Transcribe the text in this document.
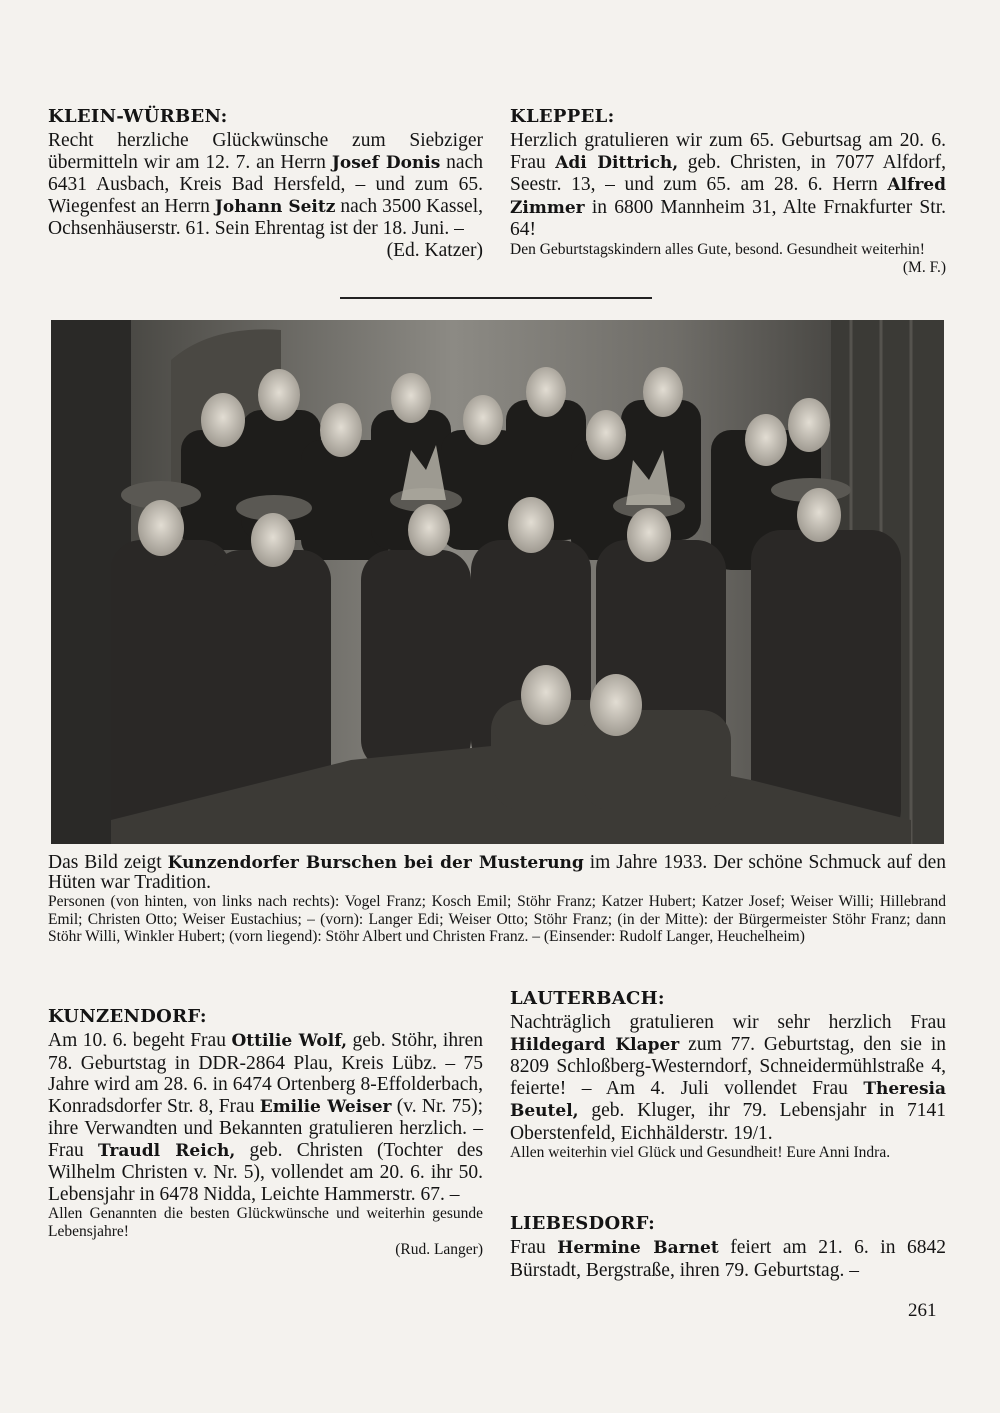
KLEIN-WÜRBEN:

Recht herzliche Glückwünsche zum Siebziger übermitteln wir am 12. 7. an Herrn Josef Donis nach 6431 Ausbach, Kreis Bad Hersfeld, – und zum 65. Wiegenfest an Herrn Johann Seitz nach 3500 Kassel, Ochsenhäuserstr. 61. Sein Ehrentag ist der 18. Juni. –

(Ed. Katzer)

KLEPPEL:

Herzlich gratulieren wir zum 65. Geburtsag am 20. 6. Frau Adi Dittrich, geb. Christen, in 7077 Alfdorf, Seestr. 13, – und zum 65. am 28. 6. Herrn Alfred Zimmer in 6800 Mannheim 31, Alte Frnakfurter Str. 64!

Den Geburtstagskindern alles Gute, besond. Gesundheit weiterhin!

(M. F.)

Das Bild zeigt Kunzendorfer Burschen bei der Musterung im Jahre 1933. Der schöne Schmuck auf den Hüten war Tradition.

Personen (von hinten, von links nach rechts): Vogel Franz; Kosch Emil; Stöhr Franz; Katzer Hubert; Katzer Josef; Weiser Willi; Hillebrand Emil; Christen Otto; Weiser Eustachius; – (vorn): Langer Edi; Weiser Otto; Stöhr Franz; (in der Mitte): der Bürgermeister Stöhr Franz; dann Stöhr Willi, Winkler Hubert; (vorn liegend): Stöhr Albert und Christen Franz. – (Einsender: Rudolf Langer, Heuchelheim)

KUNZENDORF:

Am 10. 6. begeht Frau Ottilie Wolf, geb. Stöhr, ihren 78. Geburtstag in DDR-2864 Plau, Kreis Lübz. – 75 Jahre wird am 28. 6. in 6474 Ortenberg 8-Effolderbach, Konradsdorfer Str. 8, Frau Emilie Weiser (v. Nr. 75); ihre Verwandten und Bekannten gratulieren herzlich. – Frau Traudl Reich, geb. Christen (Tochter des Wilhelm Christen v. Nr. 5), vollendet am 20. 6. ihr 50. Lebensjahr in 6478 Nidda, Leichte Hammerstr. 67. –

Allen Genannten die besten Glückwünsche und weiterhin gesunde Lebensjahre!

(Rud. Langer)

LAUTERBACH:

Nachträglich gratulieren wir sehr herzlich Frau Hildegard Klaper zum 77. Geburtstag, den sie in 8209 Schloßberg-Westerndorf, Schneidermühlstraße 4, feierte! – Am 4. Juli vollendet Frau Theresia Beutel, geb. Kluger, ihr 79. Lebensjahr in 7141 Oberstenfeld, Eichhälderstr. 19/1.

Allen weiterhin viel Glück und Gesundheit! Eure Anni Indra.

LIEBESDORF:

Frau Hermine Barnet feiert am 21. 6. in 6842 Bürstadt, Bergstraße, ihren 79. Geburtstag. –

261
